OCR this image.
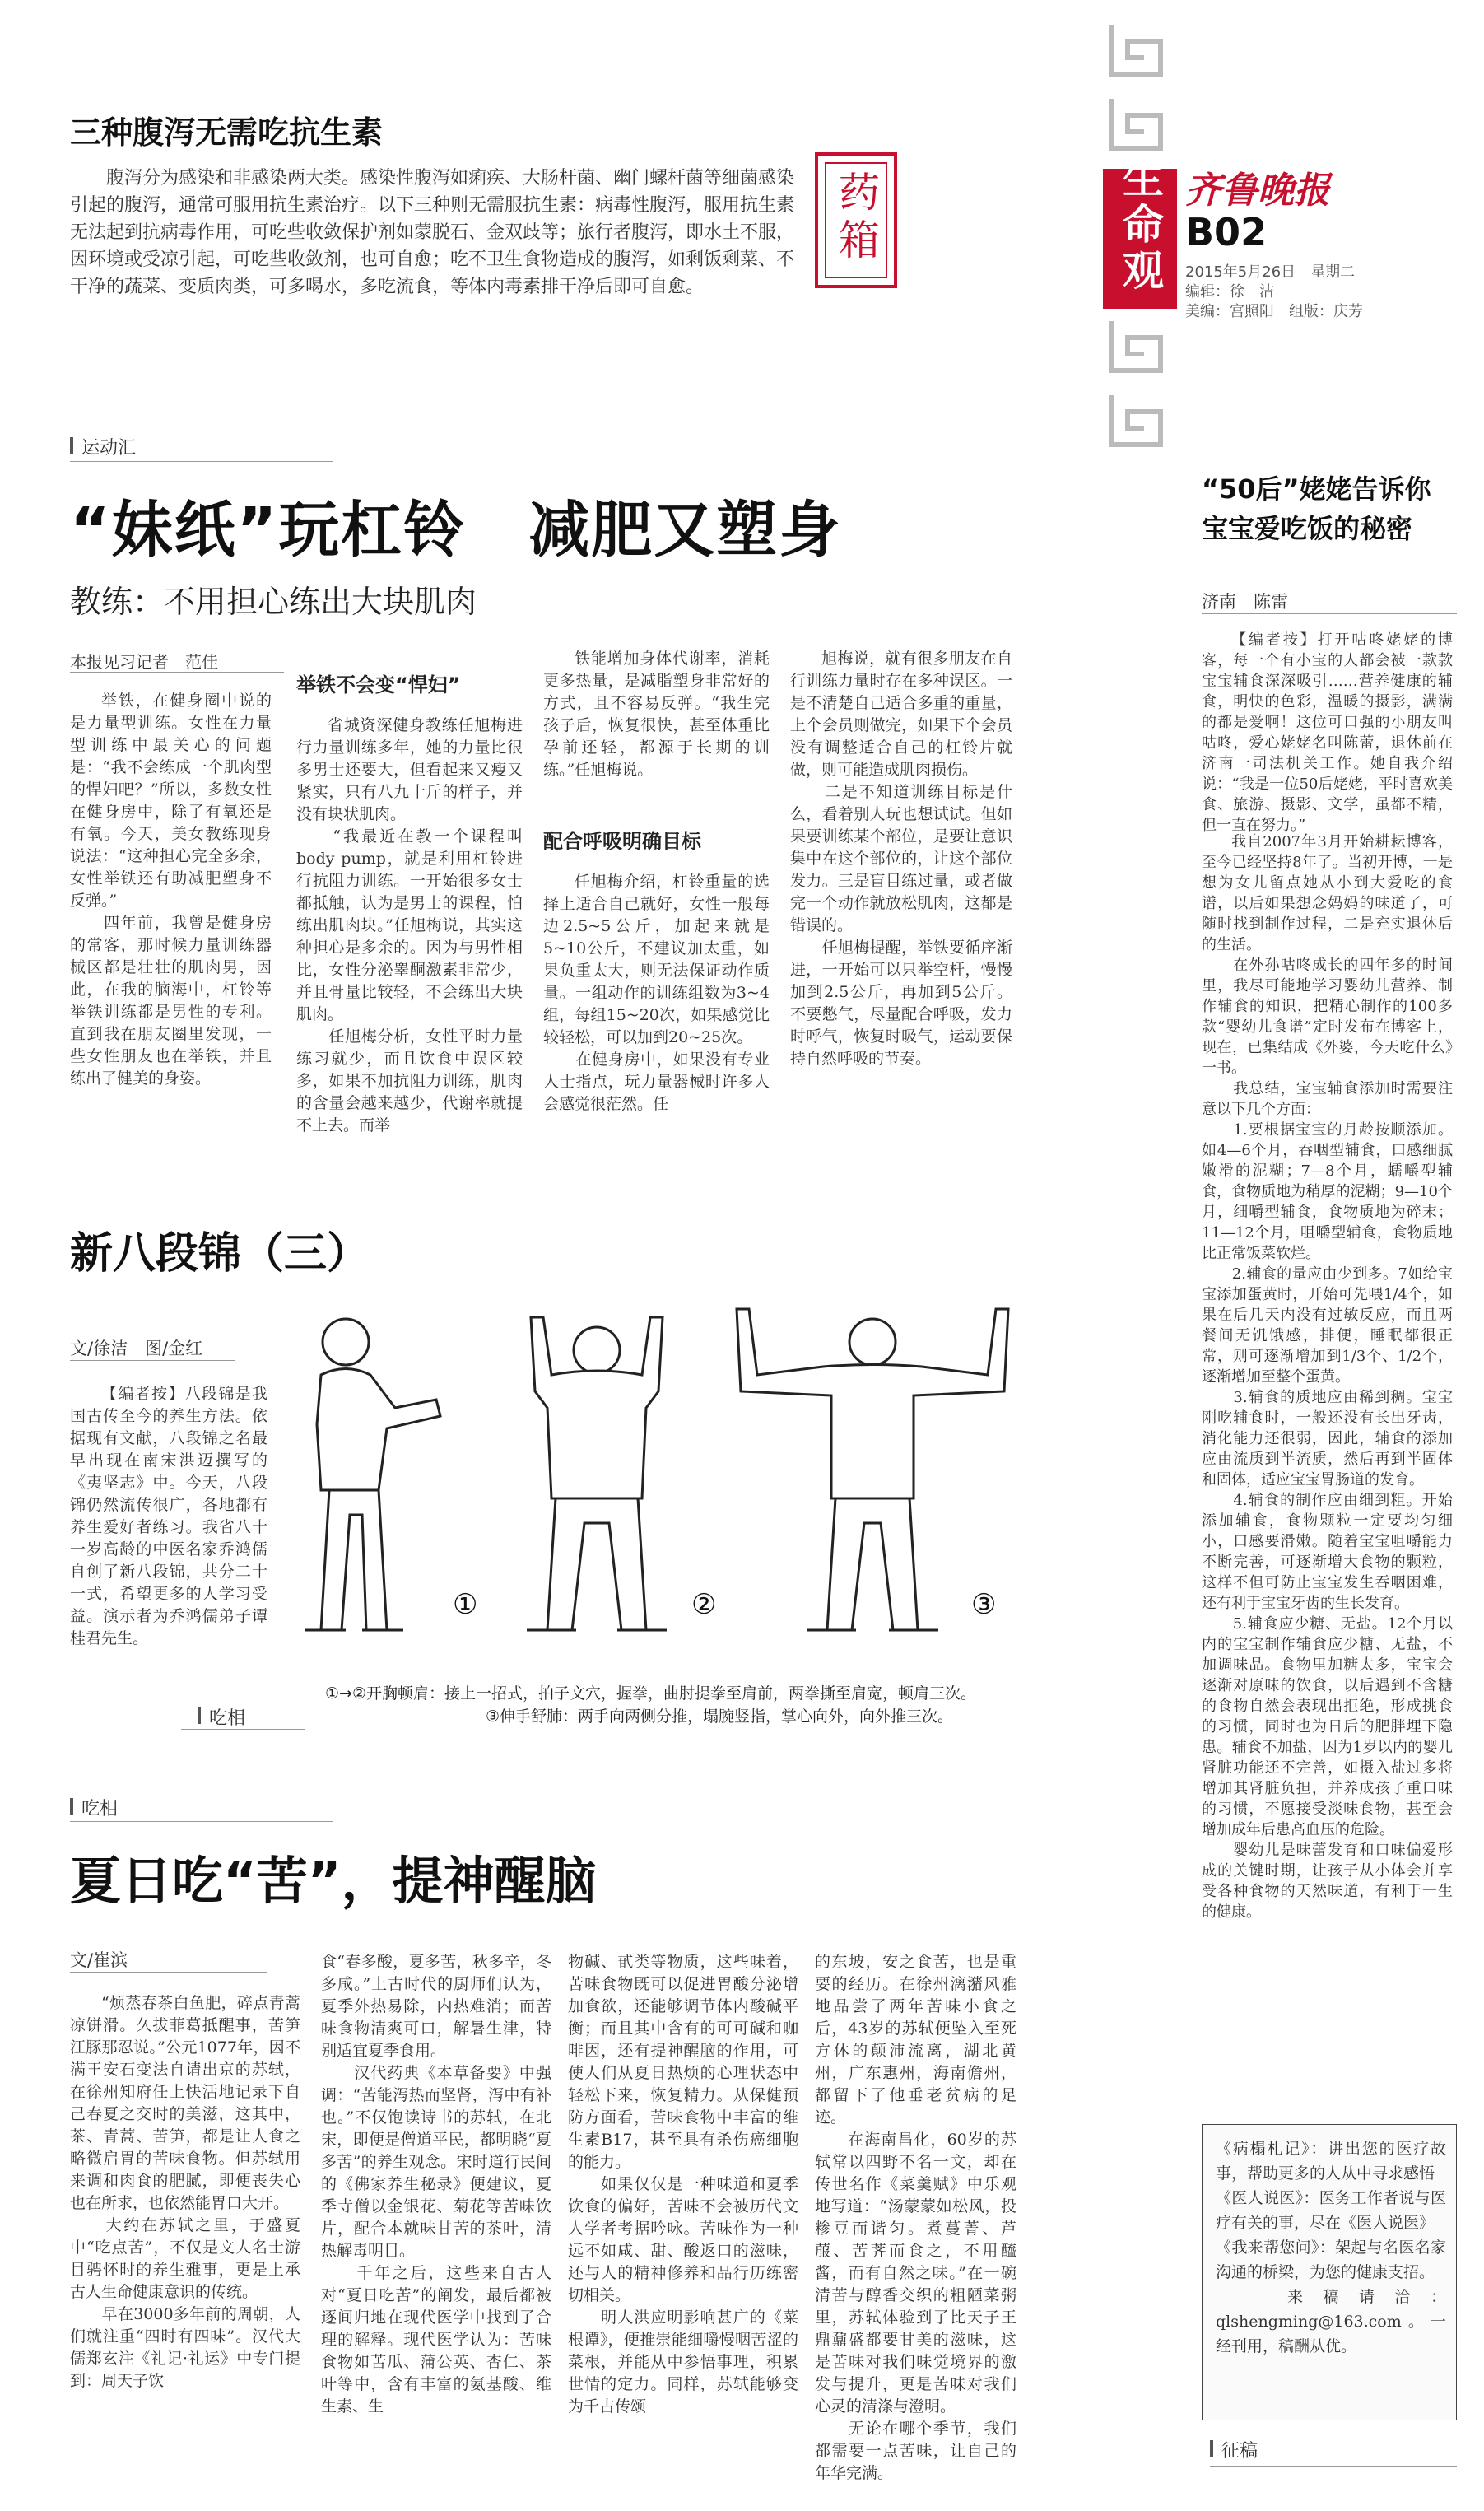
生命观 齐鲁晚报
B02
2015年5月26日　星期二
编辑：徐　洁
美编：宫照阳　组版：庆芳
药箱
三种腹泻无需吃抗生素
腹泻分为感染和非感染两大类。感染性腹泻如痢疾、大肠杆菌、幽门螺杆菌等细菌感染引起的腹泻，通常可服用抗生素治疗。以下三种则无需服抗生素：病毒性腹泻，服用抗生素无法起到抗病毒作用，可吃些收敛保护剂如蒙脱石、金双歧等；旅行者腹泻，即水土不服，因环境或受凉引起，可吃些收敛剂，也可自愈；吃不卫生食物造成的腹泻，如剩饭剩菜、不干净的蔬菜、变质肉类，可多喝水，多吃流食，等体内毒素排干净后即可自愈。
运动汇
“妹纸”玩杠铃　减肥又塑身
教练：不用担心练出大块肌肉
本报见习记者　范佳
举铁，在健身圈中说的是力量型训练。女性在力量型训练中最关心的问题是：“我不会练成一个肌肉型的悍妇吧？”所以，多数女性在健身房中，除了有氧还是有氧。今天，美女教练现身说法：“这种担心完全多余，女性举铁还有助减肥塑身不反弹。”
　　四年前，我曾是健身房的常客，那时候力量训练器械区都是壮壮的肌肉男，因此，在我的脑海中，杠铃等举铁训练都是男性的专利。直到我在朋友圈里发现，一些女性朋友也在举铁，并且练出了健美的身姿。
举铁不会变“悍妇”
省城资深健身教练任旭梅进行力量训练多年，她的力量比很多男士还要大，但看起来又瘦又紧实，只有八九十斤的样子，并没有块状肌肉。
　　“我最近在教一个课程叫body pump，就是利用杠铃进行抗阻力训练。一开始很多女士都抵触，认为是男士的课程，怕练出肌肉块。”任旭梅说，其实这种担心是多余的。因为与男性相比，女性分泌睾酮激素非常少，并且骨量比较轻，不会练出大块肌肉。
　　任旭梅分析，女性平时力量练习就少，而且饮食中误区较多，如果不加抗阻力训练，肌肉的含量会越来越少，代谢率就提不上去。而举
铁能增加身体代谢率，消耗更多热量，是减脂塑身非常好的方式，且不容易反弹。“我生完孩子后，恢复很快，甚至体重比孕前还轻，都源于长期的训练。”任旭梅说。
配合呼吸明确目标
任旭梅介绍，杠铃重量的选择上适合自己就好，女性一般每边2.5~5公斤，加起来就是5~10公斤，不建议加太重，如果负重太大，则无法保证动作质量。一组动作的训练组数为3~4组，每组15~20次，如果感觉比较轻松，可以加到20~25次。
　　在健身房中，如果没有专业人士指点，玩力量器械时许多人会感觉很茫然。任
旭梅说，就有很多朋友在自行训练力量时存在多种误区。一是不清楚自己适合多重的重量，上个会员则做完，如果下个会员没有调整适合自己的杠铃片就做，则可能造成肌肉损伤。
　　二是不知道训练目标是什么，看着别人玩也想试试。但如果要训练某个部位，是要让意识集中在这个部位的，让这个部位发力。三是盲目练过量，或者做完一个动作就放松肌肉，这都是错误的。
　　任旭梅提醒，举铁要循序渐进，一开始可以只举空杆，慢慢加到2.5公斤，再加到5公斤。不要憋气，尽量配合呼吸，发力时呼气，恢复时吸气，运动要保持自然呼吸的节奏。
新八段锦（三）
文/徐洁　图/金红
【编者按】八段锦是我国古传至今的养生方法。依据现有文献，八段锦之名最早出现在南宋洪迈撰写的《夷坚志》中。今天，八段锦仍然流传很广，各地都有养生爱好者练习。我省八十一岁高龄的中医名家乔鸿儒自创了新八段锦，共分二十一式，希望更多的人学习受益。演示者为乔鸿儒弟子谭桂君先生。
①	②	③
①→②开胸顿肩：接上一招式，拍子文穴，握拳，曲肘提拳至肩前，两拳撕至肩宽，顿肩三次。
③伸手舒肺：两手向两侧分推，塌腕竖指，掌心向外，向外推三次。
吃相
吃相
夏日吃“苦”，提神醒脑
文/崔滨
“烦蒸春茶白鱼肥，碎点青蒿凉饼滑。久拔菲葛抵醒事，苦笋江豚那忍说。”公元1077年，因不满王安石变法自请出京的苏轼，在徐州知府任上快活地记录下自己春夏之交时的美滋，这其中，茶、青蒿、苦笋，都是让人食之略微启胃的苦味食物。但苏轼用来调和肉食的肥腻，即便丧失心也在所求，也依然能胃口大开。
　　大约在苏轼之里，于盛夏中“吃点苦”，不仅是文人名士游目骋怀时的养生雅事，更是上承古人生命健康意识的传统。
　　早在3000多年前的周朝，人们就注重“四时有四味”。汉代大儒郑玄注《礼记·礼运》中专门提到：周天子饮
食“春多酸，夏多苦，秋多辛，冬多咸。”上古时代的厨师们认为，夏季外热易除，内热难消；而苦味食物清爽可口，解暑生津，特别适宜夏季食用。
　　汉代药典《本草备要》中强调：“苦能泻热而坚肾，泻中有补也。”不仅饱读诗书的苏轼，在北宋，即便是僧道平民，都明晓“夏多苦”的养生观念。宋时道行民间的《佛家养生秘录》便建议，夏季寺僧以金银花、菊花等苦味饮片，配合本就味甘苦的茶叶，清热解毒明目。
　　千年之后，这些来自古人对“夏日吃苦”的阐发，最后都被逐间归地在现代医学中找到了合理的解释。现代医学认为：苦味食物如苦瓜、蒲公英、杏仁、茶叶等中，含有丰富的氨基酸、维生素、生
物碱、甙类等物质，这些味着，苦味食物既可以促进胃酸分泌增加食欲，还能够调节体内酸碱平衡；而且其中含有的可可碱和咖啡因，还有提神醒脑的作用，可使人们从夏日热烦的心理状态中轻松下来，恢复精力。从保健预防方面看，苦味食物中丰富的维生素B17，甚至具有杀伤癌细胞的能力。
　　如果仅仅是一种味道和夏季饮食的偏好，苦味不会被历代文人学者考据吟咏。苦味作为一种远不如咸、甜、酸返口的滋味，还与人的精神修养和品行历练密切相关。
　　明人洪应明影响甚广的《菜根谭》，便推崇能细嚼慢咽苦涩的菜根，并能从中参悟事理，积累世情的定力。同样，苏轼能够变为千古传颂
的东坡，安之食苦，也是重要的经历。在徐州漓潴风雅地品尝了两年苦味小食之后，43岁的苏轼便坠入至死方休的颠沛流离，湖北黄州，广东惠州，海南儋州，都留下了他垂老贫病的足迹。
　　在海南昌化，60岁的苏轼常以四野不名一文，却在传世名作《菜羹赋》中乐观地写道：“汤蒙蒙如松风，投糁豆而谐匀。煮蔓菁、芦菔、苦荠而食之，不用醯酱，而有自然之味。”在一碗清苦与醇香交织的粗陋菜粥里，苏轼体验到了比天子王鼎鼐盛都要甘美的滋味，这是苦味对我们味觉境界的激发与提升，更是苦味对我们心灵的清涤与澄明。
　　无论在哪个季节，我们都需要一点苦味，让自己的年华完满。
“50后”姥姥告诉你宝宝爱吃饭的秘密
济南　陈雷
【编者按】打开咕咚姥姥的博客，每一个有小宝的人都会被一款款宝宝辅食深深吸引……营养健康的辅食，明快的色彩，温暖的摄影，满满的都是爱啊！这位可口强的小朋友叫咕咚，爱心姥姥名叫陈蕾，退休前在济南一司法机关工作。她自我介绍说：“我是一位50后姥姥，平时喜欢美食、旅游、摄影、文学，虽都不精，但一直在努力。”
我自2007年3月开始耕耘博客，至今已经坚持8年了。当初开博，一是想为女儿留点她从小到大爱吃的食谱，以后如果想念妈妈的味道了，可随时找到制作过程，二是充实退休后的生活。
　　在外孙咕咚成长的四年多的时间里，我尽可能地学习婴幼儿营养、制作辅食的知识，把精心制作的100多款“婴幼儿食谱”定时发布在博客上，现在，已集结成《外婆，今天吃什么》一书。
　　我总结，宝宝辅食添加时需要注意以下几个方面：
　　1.要根据宝宝的月龄按顺添加。如4—6个月，吞咽型辅食，口感细腻嫩滑的泥糊；7—8个月，蠕嚼型辅食，食物质地为稍厚的泥糊；9—10个月，细嚼型辅食，食物质地为碎末；11—12个月，咀嚼型辅食，食物质地比正常饭菜软烂。
　　2.辅食的量应由少到多。7如给宝宝添加蛋黄时，开始可先喂1/4个，如果在后几天内没有过敏反应，而且两餐间无饥饿感，排便，睡眠都很正常，则可逐渐增加到1/3个、1/2个，逐渐增加至整个蛋黄。
　　3.辅食的质地应由稀到稠。宝宝刚吃辅食时，一般还没有长出牙齿，消化能力还很弱，因此，辅食的添加应由流质到半流质，然后再到半固体和固体，适应宝宝胃肠道的发育。
　　4.辅食的制作应由细到粗。开始添加辅食，食物颗粒一定要均匀细小，口感要滑嫩。随着宝宝咀嚼能力不断完善，可逐渐增大食物的颗粒，这样不但可防止宝宝发生吞咽困难，还有利于宝宝牙齿的生长发育。
　　5.辅食应少糖、无盐。12个月以内的宝宝制作辅食应少糖、无盐，不加调味品。食物里加糖太多，宝宝会逐渐对原味的饮食，以后遇到不含糖的食物自然会表现出拒绝，形成挑食的习惯，同时也为日后的肥胖埋下隐患。辅食不加盐，因为1岁以内的婴儿肾脏功能还不完善，如摄入盐过多将增加其肾脏负担，并养成孩子重口味的习惯，不愿接受淡味食物，甚至会增加成年后患高血压的危险。
　　婴幼儿是味蕾发育和口味偏爱形成的关键时期，让孩子从小体会并享受各种食物的天然味道，有利于一生的健康。
《病榻札记》：讲出您的医疗故事，帮助更多的人从中寻求感悟
《医人说医》：医务工作者说与医疗有关的事，尽在《医人说医》
《我来帮您问》：架起与名医名家沟通的桥梁，为您的健康支招。
　　来稿请洽：qlshengming@163.com。一经刊用，稿酬从优。
征稿
